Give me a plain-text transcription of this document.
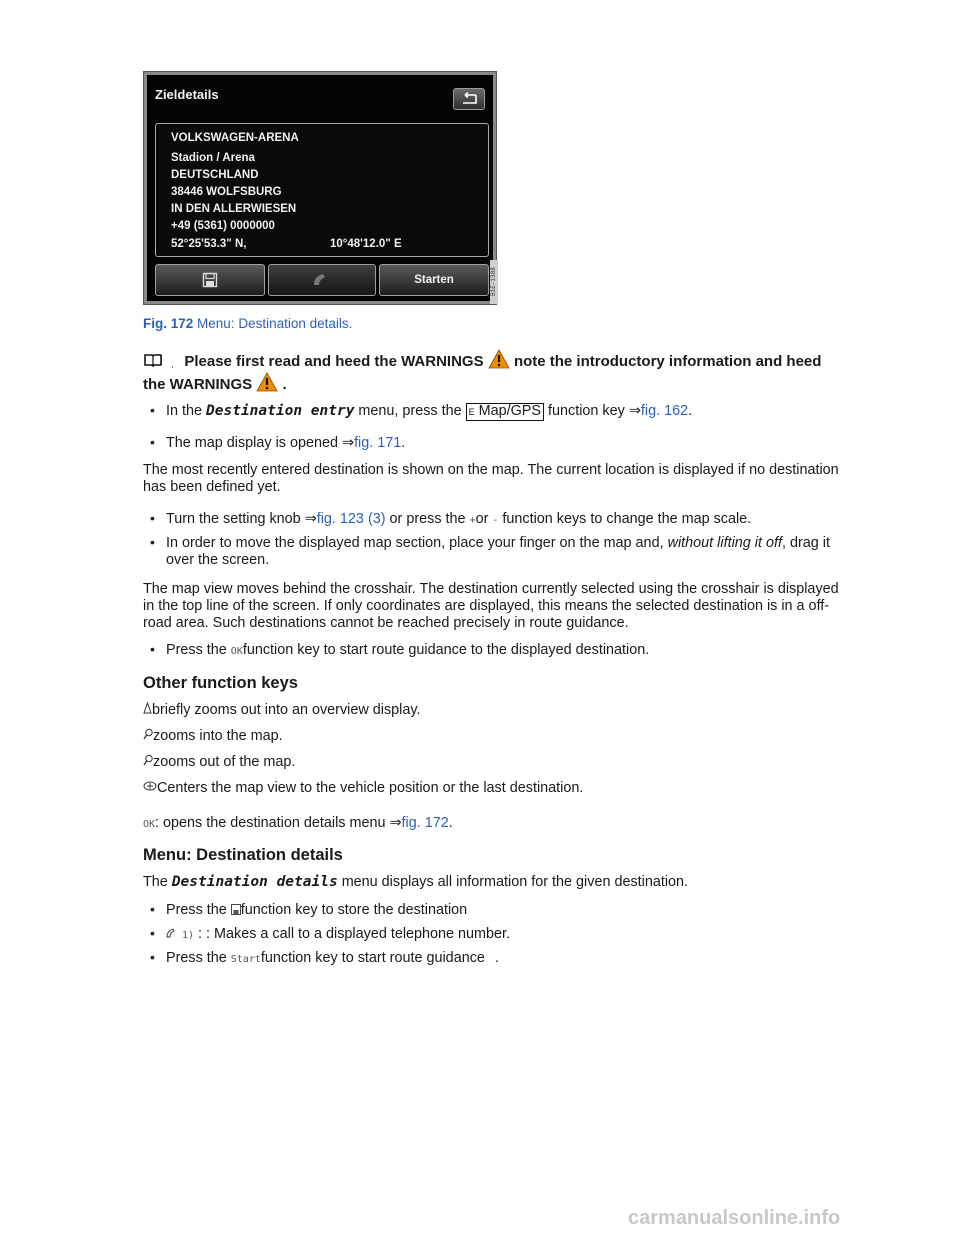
Zieldetails
VOLKSWAGEN-ARENA
Stadion / Arena
DEUTSCHLAND
38446 WOLFSBURG
IN DEN ALLERWIESEN
+49 (5361) 0000000
52°25'53.3" N,	10°48'12.0" E
Starten	B1E-1388
Fig. 172 Menu: Destination details.
ˌ Please first read and heed the WARNINGS note the introductory information and heed
the WARNINGS .
• In the Destination entry menu, press the E Map/GPS function key ⇒fig. 162.
• The map display is opened ⇒fig. 171.
The most recently entered destination is shown on the map. The current location is displayed if no destination has been defined yet.
• Turn the setting knob ⇒fig. 123 (3) or press the +or - function keys to change the map scale.
• In order to move the displayed map section, place your finger on the map and, without lifting it off, drag it over the screen.
The map view moves behind the crosshair. The destination currently selected using the crosshair is displayed in the top line of the screen. If only coordinates are displayed, this means the selected destination is in a off-road area. Such destinations cannot be reached precisely in route guidance.
• Press the OKfunction key to start route guidance to the displayed destination.
Other function keys
briefly zooms out into an overview display.
zooms into the map.
zooms out of the map.
Centers the map view to the vehicle position or the last destination.
OK: opens the destination details menu ⇒fig. 172.
Menu: Destination details
The Destination details menu displays all information for the given destination.
• Press the function key to store the destination
•	1) : : Makes a call to a displayed telephone number.
• Press the Startfunction key to start route guidance .
carmanualsonline.info
